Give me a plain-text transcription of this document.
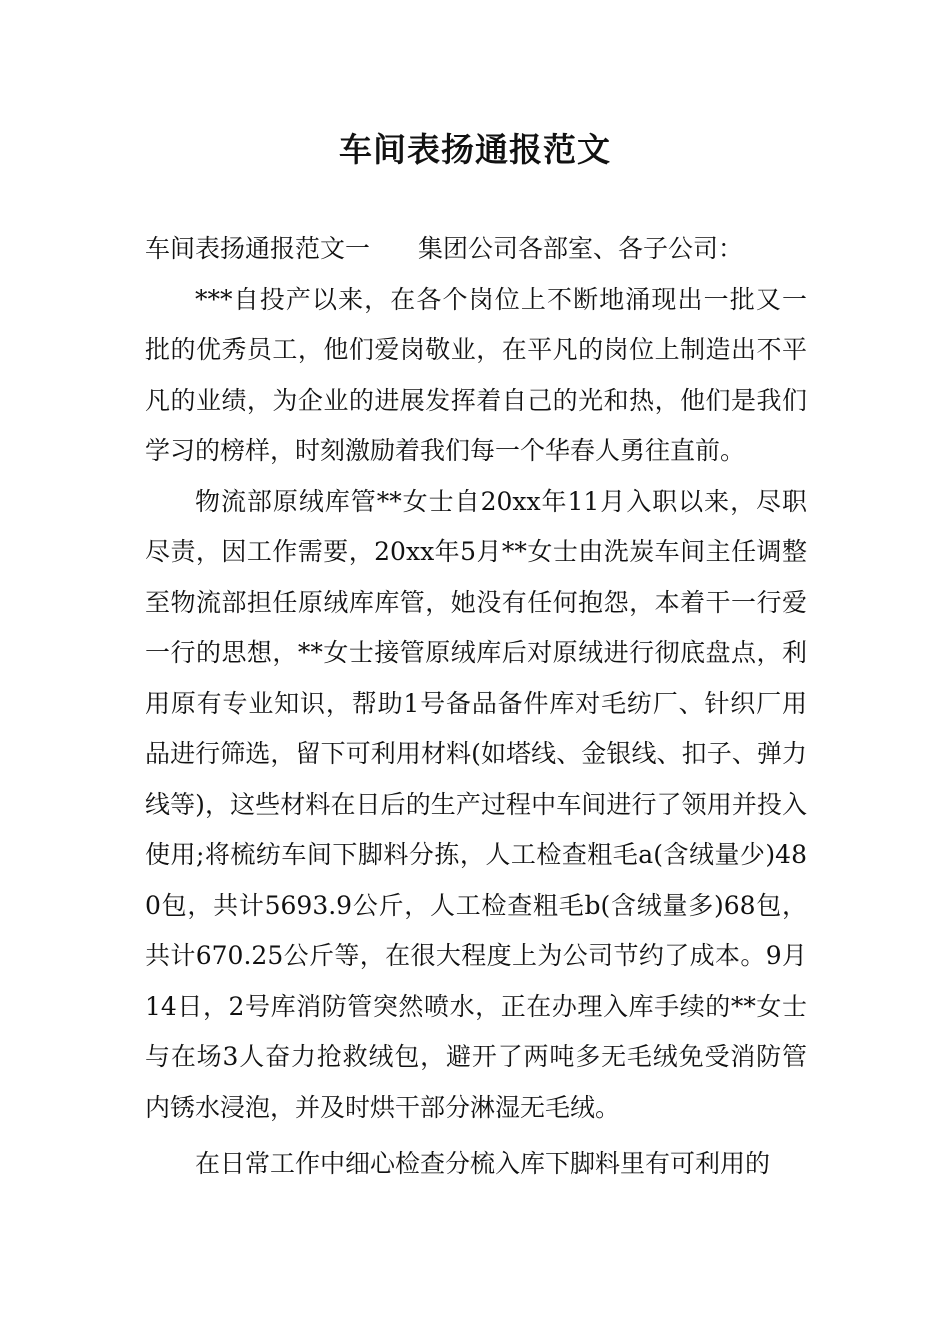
车间表扬通报范文

车间表扬通报范文一 集团公司各部室、各子公司：

***自投产以来，在各个岗位上不断地涌现出一批又一批的优秀员工，他们爱岗敬业，在平凡的岗位上制造出不平凡的业绩，为企业的进展发挥着自己的光和热，他们是我们学习的榜样，时刻激励着我们每一个华春人勇往直前。

物流部原绒库管**女士自20xx年11月入职以来，尽职尽责，因工作需要，20xx年5月**女士由洗炭车间主任调整至物流部担任原绒库库管，她没有任何抱怨，本着干一行爱一行的思想，**女士接管原绒库后对原绒进行彻底盘点，利用原有专业知识，帮助1号备品备件库对毛纺厂、针织厂用品进行筛选，留下可利用材料(如塔线、金银线、扣子、弹力线等)，这些材料在日后的生产过程中车间进行了领用并投入使用;将梳纺车间下脚料分拣，人工检查粗毛a(含绒量少)480包，共计5693.9公斤，人工检查粗毛b(含绒量多)68包，共计670.25公斤等，在很大程度上为公司节约了成本。9月14日，2号库消防管突然喷水，正在办理入库手续的**女士与在场3人奋力抢救绒包，避开了两吨多无毛绒免受消防管内锈水浸泡，并及时烘干部分淋湿无毛绒。

在日常工作中细心检查分梳入库下脚料里有可利用的
